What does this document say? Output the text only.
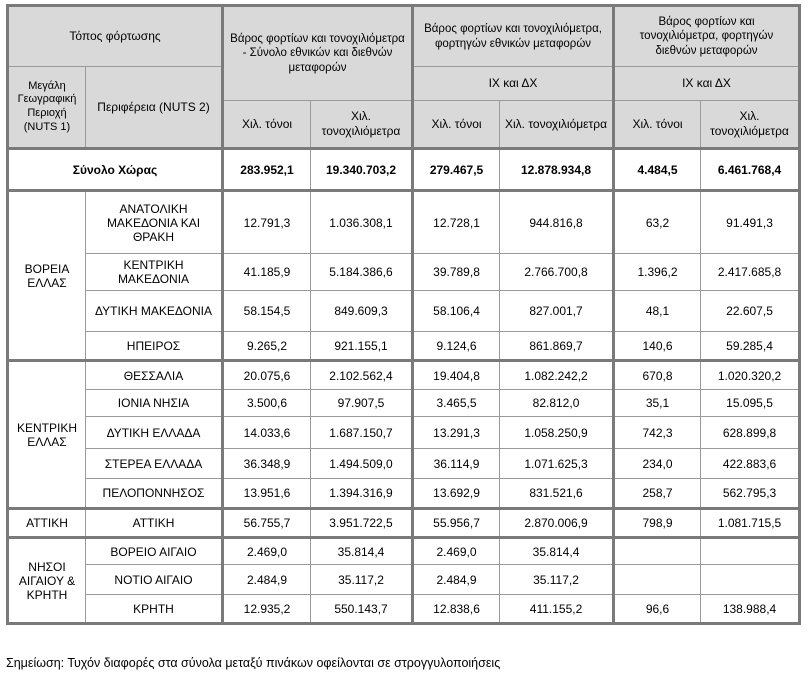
Τόπος φόρτωσης		Βάρος φορτίων και τονοχιλιόμετρα - Σύνολο εθνικών και διεθνών μεταφορών		Βάρος φορτίων και τονοχιλιόμετρα, φορτηγών εθνικών μεταφορών		Βάρος φορτίων και τονοχιλιόμετρα, φορτηγών διεθνών μεταφορών	
Μεγάλη Γεωγραφική Περιοχή (NUTS 1)	Περιφέρεια (NUTS 2)			ΙΧ και ΔΧ		ΙΧ και ΔΧ	
		Χιλ. τόνοι	Χιλ. τονοχιλιόμετρα	Χιλ. τόνοι	Χιλ. τονοχιλιόμετρα	Χιλ. τόνοι	Χιλ. τονοχιλιόμετρα
Σύνολο Χώρας		283.952,1	19.340.703,2	279.467,5	12.878.934,8	4.484,5	6.461.768,4
ΒΟΡΕΙΑ ΕΛΛΑΣ	ΑΝΑΤΟΛΙΚΗ ΜΑΚΕΔΟΝΙΑ ΚΑΙ ΘΡΑΚΗ	12.791,3	1.036.308,1	12.728,1	944.816,8	63,2	91.491,3
	ΚΕΝΤΡΙΚΗ ΜΑΚΕΔΟΝΙΑ	41.185,9	5.184.386,6	39.789,8	2.766.700,8	1.396,2	2.417.685,8
	ΔΥΤΙΚΗ ΜΑΚΕΔΟΝΙΑ	58.154,5	849.609,3	58.106,4	827.001,7	48,1	22.607,5
	ΗΠΕΙΡΟΣ	9.265,2	921.155,1	9.124,6	861.869,7	140,6	59.285,4
ΚΕΝΤΡΙΚΗ ΕΛΛΑΣ	ΘΕΣΣΑΛΙΑ	20.075,6	2.102.562,4	19.404,8	1.082.242,2	670,8	1.020.320,2
	ΙΟΝΙΑ ΝΗΣΙΑ	3.500,6	97.907,5	3.465,5	82.812,0	35,1	15.095,5
	ΔΥΤΙΚΗ ΕΛΛΑΔΑ	14.033,6	1.687.150,7	13.291,3	1.058.250,9	742,3	628.899,8
	ΣΤΕΡΕΑ ΕΛΛΑΔΑ	36.348,9	1.494.509,0	36.114,9	1.071.625,3	234,0	422.883,6
	ΠΕΛΟΠΟΝΝΗΣΟΣ	13.951,6	1.394.316,9	13.692,9	831.521,6	258,7	562.795,3
ΑΤΤΙΚΗ	ΑΤΤΙΚΗ	56.755,7	3.951.722,5	55.956,7	2.870.006,9	798,9	1.081.715,5
ΝΗΣΟΙ ΑΙΓΑΙΟΥ & ΚΡΗΤΗ	ΒΟΡΕΙΟ ΑΙΓΑΙΟ	2.469,0	35.814,4	2.469,0	35.814,4		
	ΝΟΤΙΟ ΑΙΓΑΙΟ	2.484,9	35.117,2	2.484,9	35.117,2		
	ΚΡΗΤΗ	12.935,2	550.143,7	12.838,6	411.155,2	96,6	138.988,4
Σημείωση: Τυχόν διαφορές στα σύνολα μεταξύ πινάκων οφείλονται σε στρογγυλοποιήσεις
